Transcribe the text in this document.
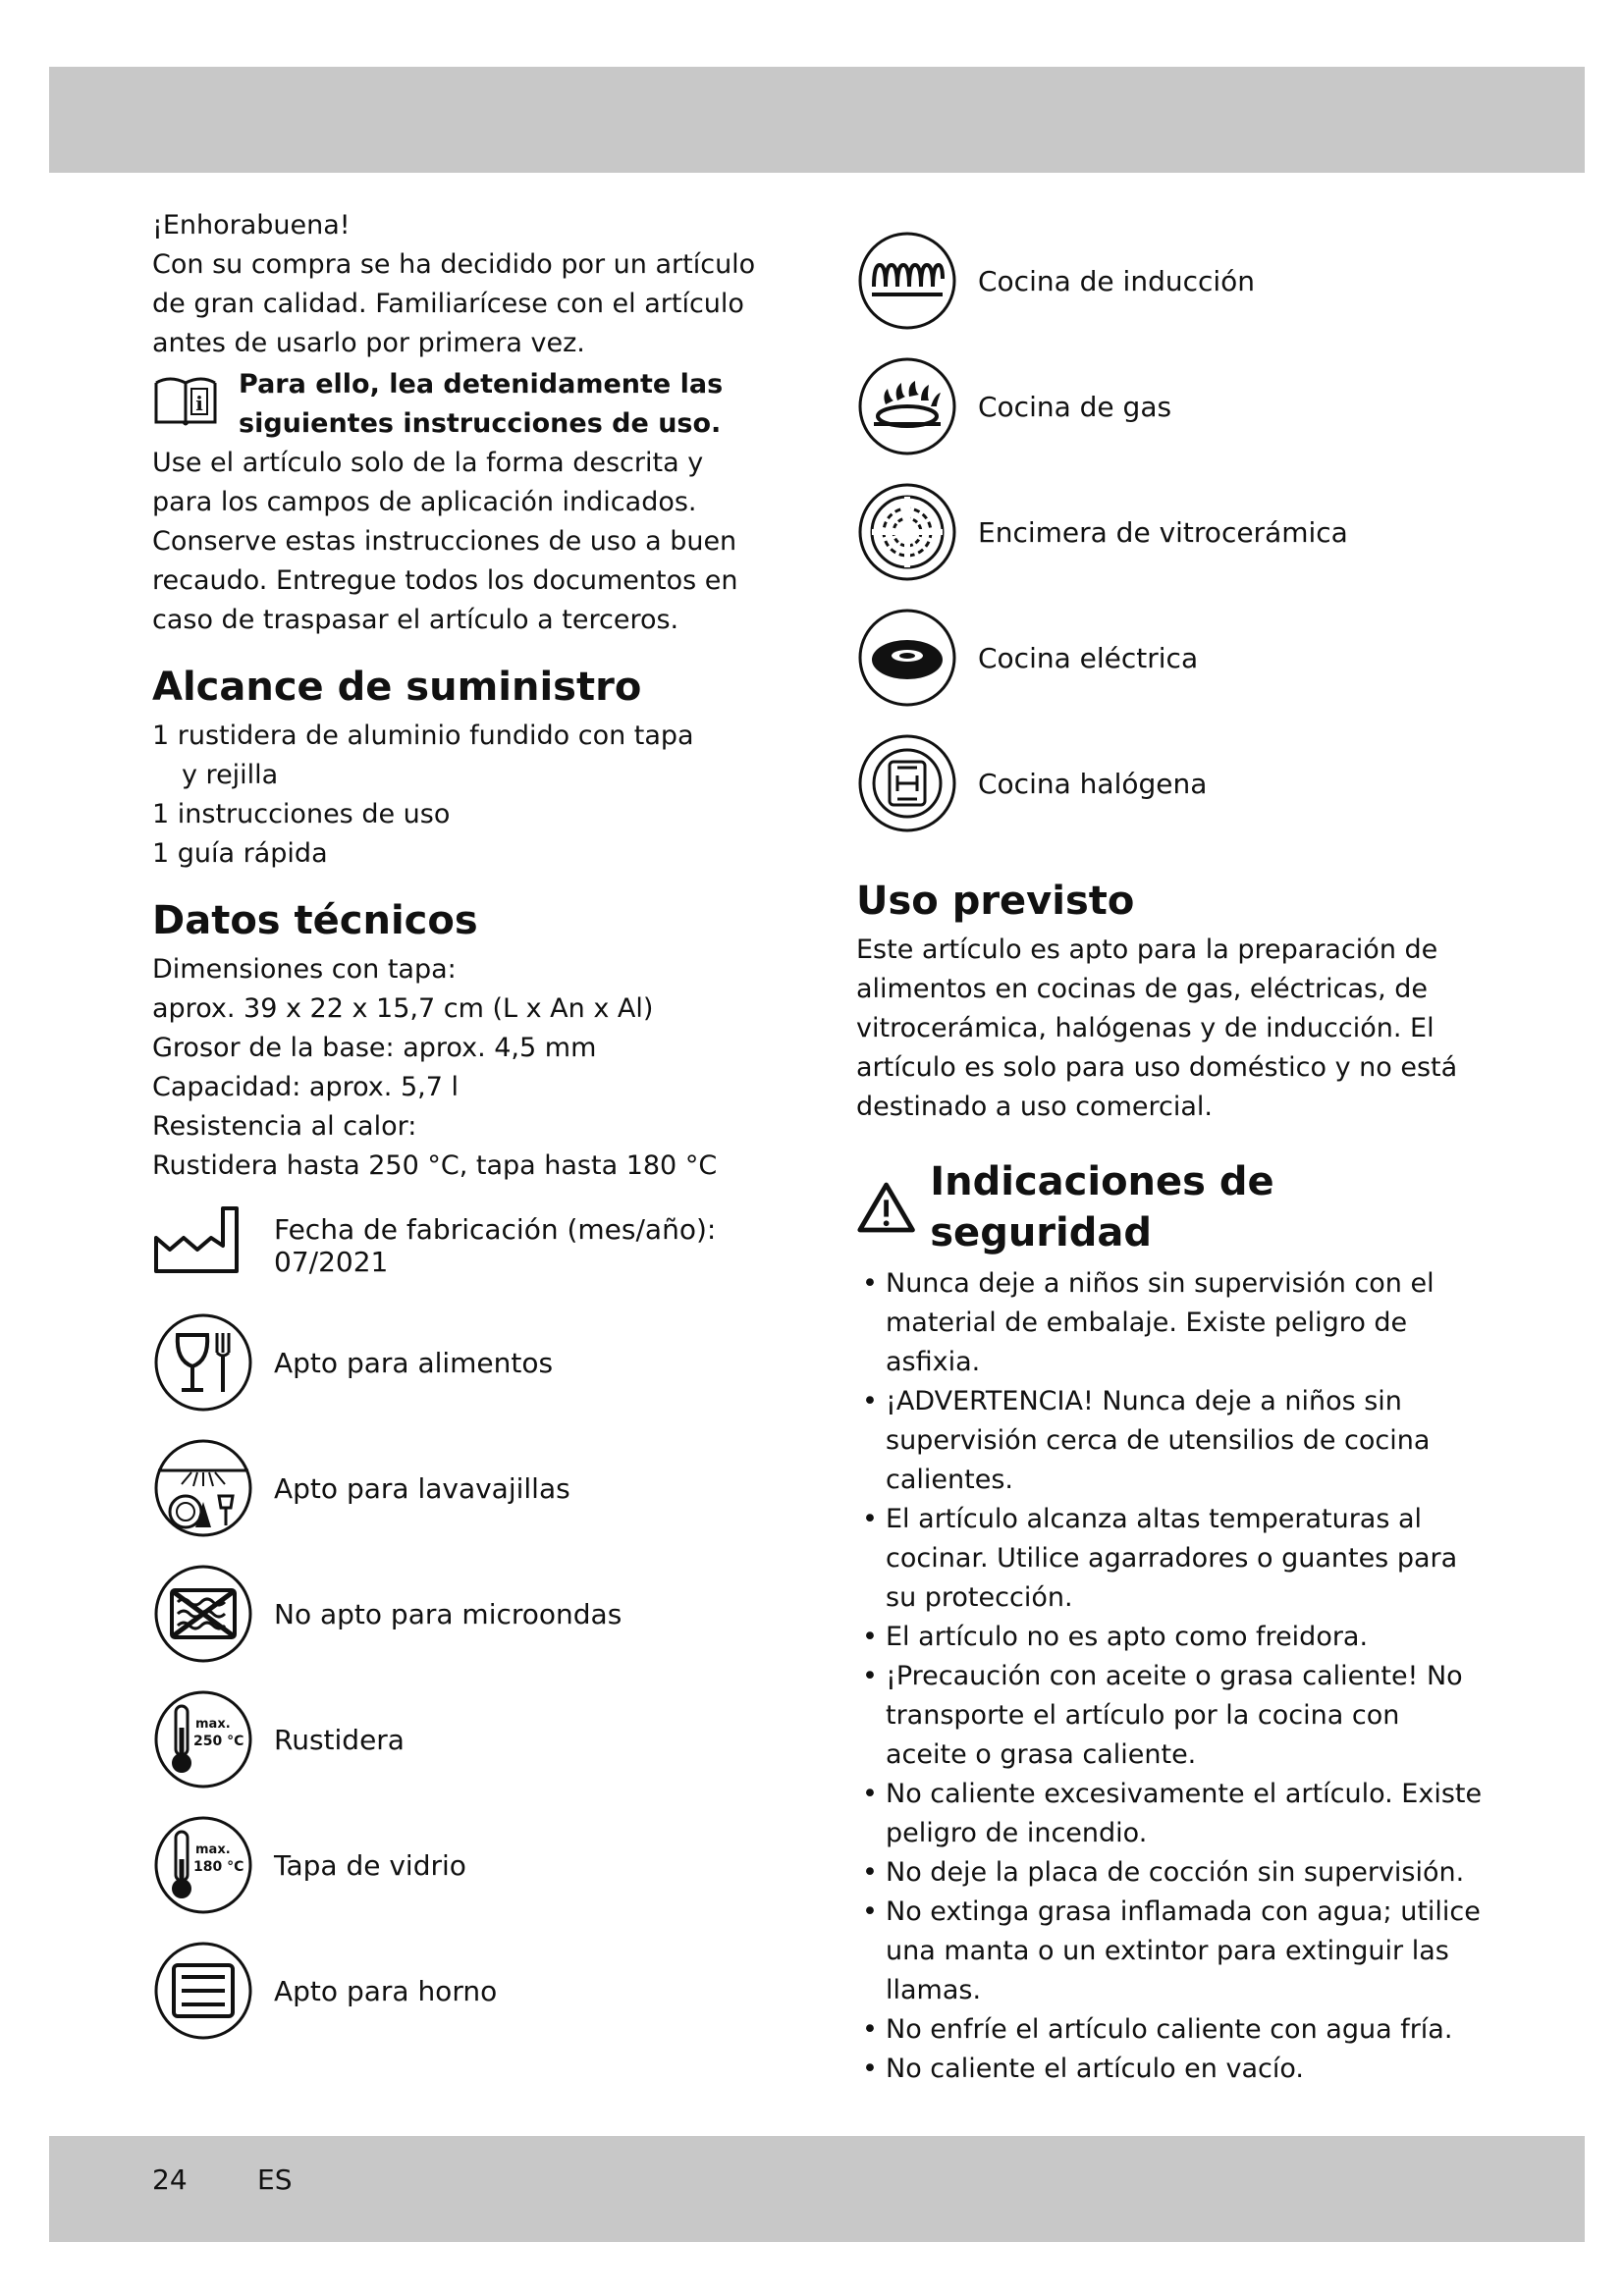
¡Enhorabuena!
Con su compra se ha decidido por un artículo de gran calidad. Familiarícese con el artículo antes de usarlo por primera vez.
i
Para ello, lea detenidamente las siguientes instrucciones de uso.
Use el artículo solo de la forma descrita y para los campos de aplicación indicados. Conserve estas instrucciones de uso a buen recaudo. Entregue todos los documentos en caso de traspasar el artículo a terceros.
Alcance de suministro
1 rustidera de aluminio fundido con tapa
y rejilla
1 instrucciones de uso
1 guía rápida
Datos técnicos
Dimensiones con tapa:
aprox. 39 x 22 x 15,7 cm (L x An x Al)
Grosor de la base: aprox. 4,5 mm
Capacidad: aprox. 5,7 l
Resistencia al calor:
Rustidera hasta 250 °C, tapa hasta 180 °C
Fecha de fabricación (mes/año):
07/2021
Apto para alimentos
Apto para lavavajillas
No apto para microondas
max.
250 °C Rustidera
max.
180 °C Tapa de vidrio
Apto para horno
Cocina de inducción
Cocina de gas
Encimera de vitrocerámica
Cocina eléctrica
Cocina halógena
Uso previsto
Este artículo es apto para la preparación de alimentos en cocinas de gas, eléctricas, de vitrocerámica, halógenas y de inducción. El artículo es solo para uso doméstico y no está destinado a uso comercial.
Indicaciones de seguridad
• Nunca deje a niños sin supervisión con el material de embalaje. Existe peligro de asfixia.
• ¡ADVERTENCIA! Nunca deje a niños sin supervisión cerca de utensilios de cocina calientes.
• El artículo alcanza altas temperaturas al cocinar. Utilice agarradores o guantes para su protección.
• El artículo no es apto como freidora.
• ¡Precaución con aceite o grasa caliente! No transporte el artículo por la cocina con aceite o grasa caliente.
• No caliente excesivamente el artículo. Existe peligro de incendio.
• No deje la placa de cocción sin supervisión.
• No extinga grasa inflamada con agua; utilice una manta o un extintor para extinguir las llamas.
• No enfríe el artículo caliente con agua fría.
• No caliente el artículo en vacío.
24	ES
